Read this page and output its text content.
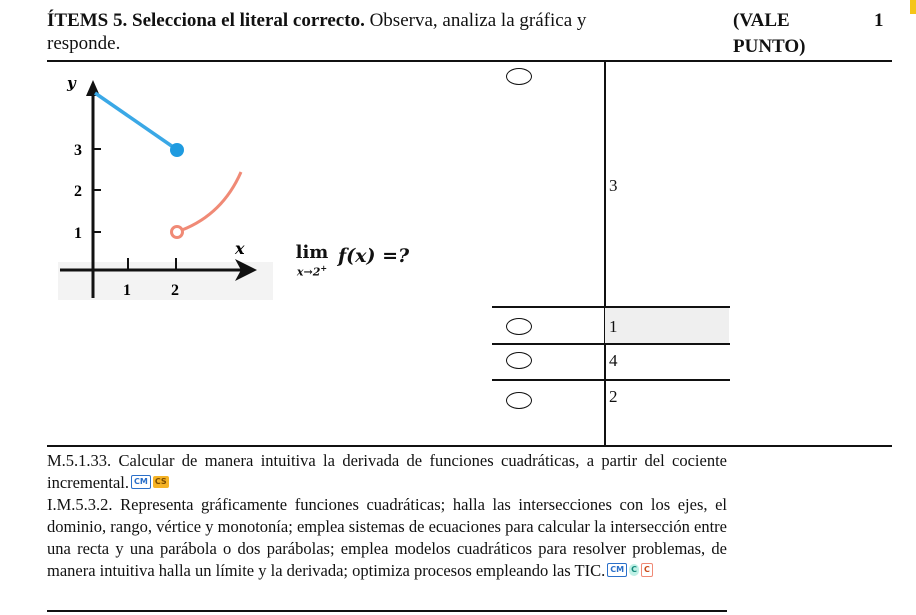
ÍTEMS 5. Selecciona el literal correcto. Observa, analiza la gráfica y
responde.
(VALE	1
PUNTO)
y
x
3
2
1
1	2
lim
x→2+
f(x) =?
3
1
4
2

M.5.1.33. Calcular de manera intuitiva la derivada de funciones cuadráticas, a partir del cociente incremental. CM CS

I.M.5.3.2. Representa gráficamente funciones cuadráticas; halla las intersecciones con los ejes, el dominio, rango, vértice y monotonía; emplea sistemas de ecuaciones para calcular la intersección entre una recta y una parábola o dos parábolas; emplea modelos cuadráticos para resolver problemas, de manera intuitiva halla un límite y la derivada; optimiza procesos empleando las TIC. CM C C
